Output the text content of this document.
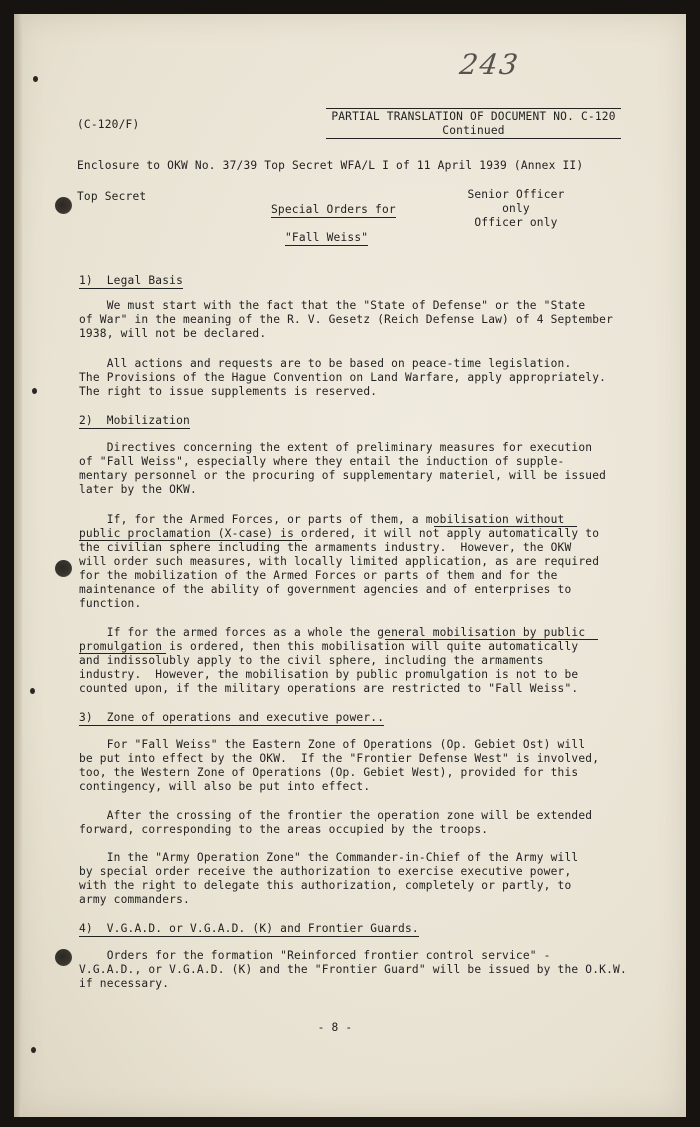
243
(C-120/F)
PARTIAL TRANSLATION OF DOCUMENT NO. C-120
Continued
Enclosure to OKW No. 37/39 Top Secret WFA/L I of 11 April 1939 (Annex II)
Top Secret	Senior Officer
only
Officer only
Special Orders for
"Fall Weiss"
1)  Legal Basis
We must start with the fact that the "State of Defense" or the "State
of War" in the meaning of the R. V. Gesetz (Reich Defense Law) of 4 September
1938, will not be declared.
All actions and requests are to be based on peace-time legislation.
The Provisions of the Hague Convention on Land Warfare, apply appropriately.
The right to issue supplements is reserved.
2)  Mobilization
Directives concerning the extent of preliminary measures for execution
of "Fall Weiss", especially where they entail the induction of supple-
mentary personnel or the procuring of supplementary materiel, will be issued
later by the OKW.
If, for the Armed Forces, or parts of them, a mobilisation without
public proclamation (X-case) is ordered, it will not apply automatically to
the civilian sphere including the armaments industry.  However, the OKW
will order such measures, with locally limited application, as are required
for the mobilization of the Armed Forces or parts of them and for the
maintenance of the ability of government agencies and of enterprises to
function.
If for the armed forces as a whole the general mobilisation by public
promulgation is ordered, then this mobilisation will quite automatically
and indissolubly apply to the civil sphere, including the armaments
industry.  However, the mobilisation by public promulgation is not to be
counted upon, if the military operations are restricted to "Fall Weiss".
3)  Zone of operations and executive power..
For "Fall Weiss" the Eastern Zone of Operations (Op. Gebiet Ost) will
be put into effect by the OKW.  If the "Frontier Defense West" is involved,
too, the Western Zone of Operations (Op. Gebiet West), provided for this
contingency, will also be put into effect.
After the crossing of the frontier the operation zone will be extended
forward, corresponding to the areas occupied by the troops.
In the "Army Operation Zone" the Commander-in-Chief of the Army will
by special order receive the authorization to exercise executive power,
with the right to delegate this authorization, completely or partly, to
army commanders.
4)  V.G.A.D. or V.G.A.D. (K) and Frontier Guards.
Orders for the formation "Reinforced frontier control service" -
V.G.A.D., or V.G.A.D. (K) and the "Frontier Guard" will be issued by the O.K.W.
if necessary.
- 8 -
